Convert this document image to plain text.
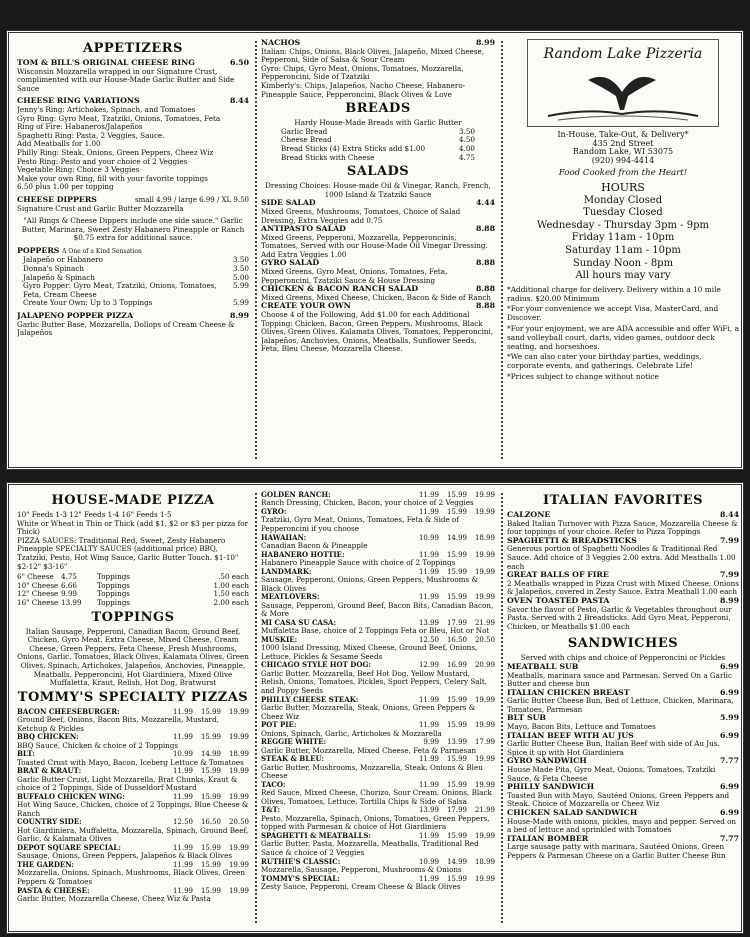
APPETIZERS
TOM & BILL'S ORIGINAL CHEESE RING	6.50

Wisconsin Mozzarella wrapped in our Signature Crust, complimented with our House-Made Garlic Butter and Side Sauce

CHEESE RING VARIATIONS	8.44

Jenny's Ring: Artichokes, Spinach, and Tomatoes

Gyro Ring: Gyro Meat, Tzatziki, Onions, Tomatoes, Feta

Ring of Fire: Habaneros/Jalapeños

Spaghetti Ring: Pasta, 2 Veggies, Sauce.

Add Meatballs for 1.00

Philly Ring: Steak, Onions, Green Peppers, Cheez Wiz

Pesto Ring: Pesto and your choice of 2 Veggies

Vegetable Ring: Choice 3 Veggies

Make your own Ring, fill with your favorite toppings

6.50 plus 1.00 per topping

CHEESE DIPPERS	small 4.99 / large 6.99 / XL 9.50

Signature Crust and Garlic Butter Mozzarella

"All Rings & Cheese Dippers include one side sauce." Garlic Butter, Marinara, Sweet Zesty Habanero Pineapple or Ranch $0.75 extra for additional sauce.

POPPERS A One of a Kind Sensation
Jalapeño or Habanero	3.50
Donna's Spinach	3.50
Jalapeño & Spinach	5.00
Gyro Popper: Gyro Meat, Tzatziki, Onions, Tomatoes, Feta, Cream Cheese
5.99
Create Your Own: Up to 3 Toppings	5.99
JALAPENO POPPER PIZZA	8.99

Garlic Butter Base, Mozzarella, Dollops of Cream Cheese & Jalapeños

NACHOS	8.99

Italian: Chips, Onions, Black Olives, Jalapeño, Mixed Cheese, Pepperoni, Side of Salsa & Sour Cream

Gyro: Chips, Gyro Meat, Onions, Tomatoes, Mozzarella, Pepperoncini, Side of Tzatziki

Kimberly's: Chips, Jalapeños, Nacho Cheese, Habanero-Pineapple Sauce, Pepperoncini, Black Olives & Love

BREADS

Hardy House-Made Breads with Garlic Butter

Garlic Bread	3.50
Cheese Bread	4.50
Bread Sticks (4) Extra Sticks add $1.00	4.00
Bread Sticks with Cheese	4.75
SALADS

Dressing Choices: House-made Oil & Vinegar, Ranch, French, 1000 Island & Tzatziki Sauce

SIDE SALAD	4.44

Mixed Greens, Mushrooms, Tomatoes, Choice of Salad Dressing, Extra Veggies add 0.75

ANTIPASTO SALAD	8.88

Mixed Greens, Pepperoni, Mozzarella, Pepperoncinis, Tomatoes, Served with our House-Made Oil Vinegar Dressing. Add Extra Veggies 1.00

GYRO SALAD	8.88

Mixed Greens, Gyro Meat, Onions, Tomatoes, Feta, Pepperoncini, Tzatziki Sauce & House Dressing

CHICKEN & BACON RANCH SALAD	8.88

Mixed Greens, Mixed Cheese, Chicken, Bacon & Side of Ranch

CREATE YOUR OWN	8.88

Choose 4 of the Following, Add $1.00 for each Additional Topping: Chicken, Bacon, Green Peppers, Mushrooms, Black Olives, Green Olives, Kalamata Olives, Tomatoes, Pepperoncini, Jalapeños, Anchovies, Onions, Meatballs, Sunflower Seeds, Feta, Bleu Cheese, Mozzarella Cheese.

Random Lake Pizzeria

In-House, Take-Out, & Delivery*

435 2nd Street

Random Lake, WI 53075

(920) 994-4414

Food Cooked from the Heart!

HOURS

Monday Closed

Tuesday Closed

Wednesday - Thursday 3pm - 9pm

Friday 11am - 10pm

Saturday 11am - 10pm

Sunday Noon - 8pm

All hours may vary

*Additional charge for delivery. Delivery within a 10 mile radius. $20.00 Minimum

*For your convenience we accept Visa, MasterCard, and Discover.

*For your enjoyment, we are ADA accessible and offer WiFi, a sand volleyball court, darts, video games, outdoor deck seating, and horseshoes.

*We can also cater your birthday parties, weddings, corporate events, and gatherings. Celebrate Life!

*Prices subject to change without notice

HOUSE-MADE PIZZA

10" Feeds 1-3 12" Feeds 1-4 16" Feeds 1-5

White or Wheat in Thin or Thick (add $1, $2 or $3 per pizza for Thick)

PIZZA SAUCES: Traditional Red, Sweet, Zesty Habanero Pineapple SPECIALTY SAUCES (additional price) BBQ, Tzatziki, Pesto, Hot Wing Sauce, Garlic Butter Touch. $1-10" $2-12" $3-16"

6" Cheese	4.75	Toppings	.50 each
10" Cheese 6.66	Toppings	1.00 each
12" Cheese 9.99	Toppings	1.50 each
16" Cheese 13.99	Toppings	2.00 each
TOPPINGS

Italian Sausage, Pepperoni, Canadian Bacon, Ground Beef, Chicken, Gyro Meat, Extra Cheese, Mixed Cheese, Cream Cheese, Green Peppers, Feta Cheese, Fresh Mushrooms, Onions, Garlic, Tomatoes, Black Olives, Kalamata Olives, Green Olives, Spinach, Artichokes, Jalapeños, Anchovies, Pineapple, Meatballs, Pepperoncini, Hot Giardiniera, Mixed Olive Muffaletta, Kraut, Relish, Hot Dog, Bratwurst

TOMMY'S SPECIALTY PIZZAS
BACON CHEESEBURGER:	11.99	15.99	19.99

Ground Beef, Onions, Bacon Bits, Mozzarella, Mustard, Ketchup & Pickles

BBQ CHICKEN:	11.99	15.99	19.99

BBQ Sauce, Chicken & choice of 2 Toppings

BLT:	10.99	14.99	18.99

Toasted Crust with Mayo, Bacon, Iceberg Lettuce & Tomatoes

BRAT & KRAUT:	11.99	15.99	19.99

Garlic Butter Crust, Light Mozzarella, Brat Chunks, Kraut & choice of 2 Toppings, Side of Dusseldorf Mustard

BUFFALO CHICKEN WING:	11.99	15.99	19.99

Hot Wing Sauce, Chicken, choice of 2 Toppings, Blue Cheese & Ranch

COUNTRY SIDE:	12.50	16.50	20.50

Hot Giardiniera, Muffaletta, Mozzarella, Spinach, Ground Beef, Garlic, & Kalamata Olives

DEPOT SQUARE SPECIAL:	11.99	15.99	19.99

Sausage, Onions, Green Peppers, Jalapeños & Black Olives

THE GARDEN:	11.99	15.99	19.99

Mozzarella, Onions, Spinach, Mushrooms, Black Olives, Green Peppers & Tomatoes

PASTA & CHEESE:	11.99	15.99	19.99

Garlic Butter, Mozzarella Cheese, Cheez Wiz & Pasta

GOLDEN RANCH:	11.99	15.99	19.99

Ranch Dressing, Chicken, Bacon, your choice of 2 Veggies

GYRO:	11.99	15.99	19.99

Tzatziki, Gyro Meat, Onions, Tomatoes, Feta & Side of Pepperoncini if you choose

HAWAIIAN:	10.99	14.99	18.99

Canadian Bacon & Pineapple

HABANERO HOTTIE:	11.99	15.99	19.99

Habanero Pineapple Sauce with choice of 2 Toppings

LANDMARK:	11.99	15.99	19.99

Sausage, Pepperoni, Onions, Green Peppers, Mushrooms & Black Olives

MEATLOVERS:	11.99	15.99	19.99

Sausage, Pepperoni, Ground Beef, Bacon Bits, Canadian Bacon, & More

MI CASA SU CASA:	13.99	17.99	21.99

Muffaletta Base, choice of 2 Toppings Feta or Bleu, Hot or Not

MUSKIE:	12.50	16.50	20.50

1000 Island Dressing, Mixed Cheese, Ground Beef, Onions, Lettuce, Pickles & Sesame Seeds

CHICAGO STYLE HOT DOG:	12.99	16.99	20.99

Garlic Butter, Mozzarella, Beef Hot Dog, Yellow Mustard, Relish, Onions, Tomatoes, Pickles, Sport Peppers, Celery Salt, and Poppy Seeds

PHILLY CHEESE STEAK:	11.99	15.99	19.99

Garlic Butter, Mozzarella, Steak, Onions, Green Peppers & Cheez Wiz

POT PIE:	11.99	15.99	19.99

Onions, Spinach, Garlic, Artichokes & Mozzarella

REGGIE WHITE:	9.99	13.99	17.99

Garlic Butter, Mozzarella, Mixed Cheese, Feta & Parmesan

STEAK & BLEU:	11.99	15.99	19.99

Garlic Butter, Mushrooms, Mozzarella, Steak, Onions & Bleu Cheese

TACO:	11.99	15.99	19.99

Red Sauce, Mixed Cheese, Chorizo, Sour Cream, Onions, Black Olives, Tomatoes, Lettuce, Tortilla Chips & Side of Salsa

T&T:	13.99	17.99	21.99

Pesto, Mozzarella, Spinach, Onions, Tomatoes, Green Peppers, topped with Parmesan & choice of Hot Giardiniera

SPAGHETTI & MEATBALLS:	11.99	15.99	19.99

Garlic Butter, Pasta, Mozzarella, Meatballs, Traditional Red Sauce & choice of 2 Veggies

RUTHIE'S CLASSIC:	10.99	14.99	18.99

Mozzarella, Sausage, Pepperoni, Mushrooms & Onions

TOMMY'S SPECIAL:	11.99	15.99	19.99

Zesty Sauce, Pepperoni, Cream Cheese & Black Olives

ITALIAN FAVORITES
CALZONE	8.44

Baked Italian Turnover with Pizza Sauce, Mozzarella Cheese & four toppings of your choice. Refer to Pizza Toppings

SPAGHETTI & BREADSTICKS	7.99

Generous portion of Spaghetti Noodles & Traditional Red Sauce. Add choice of 3 Veggies 2.00 extra. Add Meatballs 1.00 each

GREAT BALLS OF FIRE	7.99

2 Meatballs wrapped in Pizza Crust with Mixed Cheese, Onions & Jalapeños, covered in Zesty Sauce. Extra Meatball 1.00 each

OVEN TOASTED PASTA	8.99

Savor the flavor of Pesto, Garlic & Vegetables throughout our Pasta. Served with 2 Breadsticks. Add Gyro Meat, Pepperoni, Chicken, or Meatballs $1.00 each

SANDWICHES

Served with chips and choice of Pepperoncini or Pickles

MEATBALL SUB	6.99

Meatballs, marinara sauce and Parmesan. Served On a Garlic Butter and cheese bun

ITALIAN CHICKEN BREAST	6.99

Garlic Butter Cheese Bun, Bed of Lettuce, Chicken, Marinara, Tomatoes, Parmesan

BLT SUB	5.99

Mayo, Bacon Bits, Lettuce and Tomatoes

ITALIAN BEEF WITH AU JUS	6.99

Garlic Butter Cheese Bun, Italian Beef with side of Au Jus. Spice it up with Hot Giardiniera

GYRO SANDWICH	7.77

House Made Pita, Gyro Meat, Onions, Tomatoes, Tzatziki Sauce, & Feta Cheese

PHILLY SANDWICH	6.99

Toasted Bun with Mayo, Sautéed Onions, Green Peppers and Steak. Choice of Mozzarella or Cheez Wiz

CHICKEN SALAD SANDWICH	6.99

House-Made with onions, pickles, mayo and pepper. Served on a bed of lettuce and sprinkled with Tomatoes

ITALIAN BOMBER	7.77

Large sausage patty with marinara, Sautéed Onions, Green Peppers & Parmesan Cheese on a Garlic Butter Cheese Bun
